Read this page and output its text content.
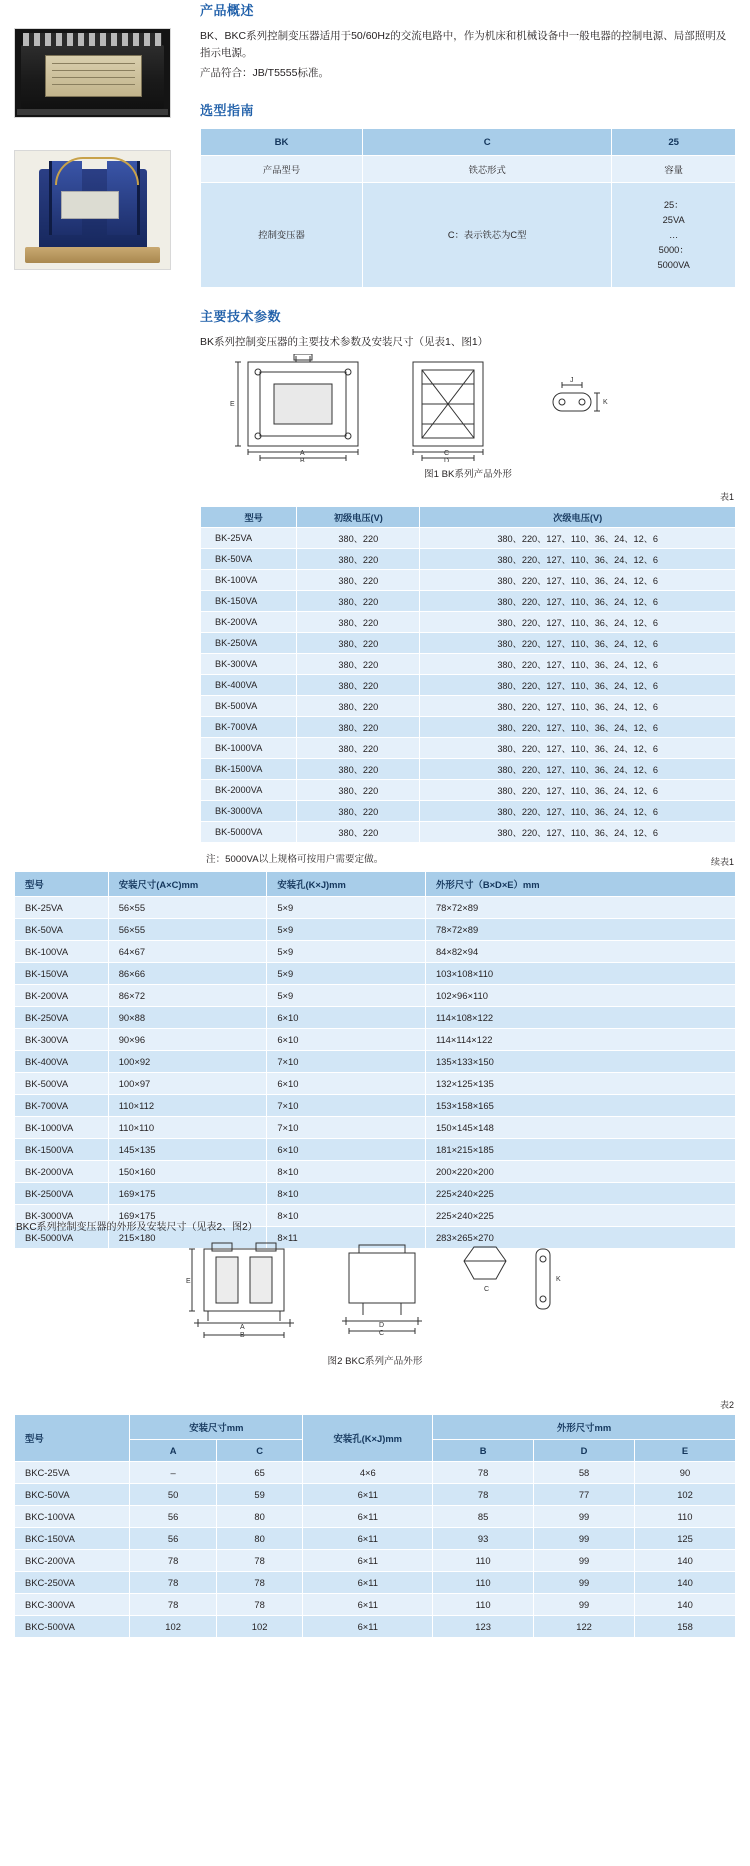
产品概述

BK、BKC系列控制变压器适用于50/60Hz的交流电路中，作为机床和机械设备中一般电器的控制电源、局部照明及指示电源。

产品符合：JB/T5555标准。

选型指南
BK	C	25
产品型号	铁芯形式	容量
控制变压器	C：表示铁芯为C型	25：
25VA
…
5000：
5000VA
主要技术参数

BK系列控制变压器的主要技术参数及安装尺寸（见表1、图1）

B
A
E
D
C
J
K
图1 BK系列产品外形
表1
型号	初级电压(V)	次级电压(V)
BK-25VA	380、220	380、220、127、110、36、24、12、6
BK-50VA	380、220	380、220、127、110、36、24、12、6
BK-100VA	380、220	380、220、127、110、36、24、12、6
BK-150VA	380、220	380、220、127、110、36、24、12、6
BK-200VA	380、220	380、220、127、110、36、24、12、6
BK-250VA	380、220	380、220、127、110、36、24、12、6
BK-300VA	380、220	380、220、127、110、36、24、12、6
BK-400VA	380、220	380、220、127、110、36、24、12、6
BK-500VA	380、220	380、220、127、110、36、24、12、6
BK-700VA	380、220	380、220、127、110、36、24、12、6
BK-1000VA	380、220	380、220、127、110、36、24、12、6
BK-1500VA	380、220	380、220、127、110、36、24、12、6
BK-2000VA	380、220	380、220、127、110、36、24、12、6
BK-3000VA	380、220	380、220、127、110、36、24、12、6
BK-5000VA	380、220	380、220、127、110、36、24、12、6
注：5000VA以上规格可按用户需要定做。	续表1
型号	安装尺寸(A×C)mm	安装孔(K×J)mm	外形尺寸（B×D×E）mm
BK-25VA	56×55	5×9	78×72×89
BK-50VA	56×55	5×9	78×72×89
BK-100VA	64×67	5×9	84×82×94
BK-150VA	86×66	5×9	103×108×110
BK-200VA	86×72	5×9	102×96×110
BK-250VA	90×88	6×10	114×108×122
BK-300VA	90×96	6×10	114×114×122
BK-400VA	100×92	7×10	135×133×150
BK-500VA	100×97	6×10	132×125×135
BK-700VA	110×112	7×10	153×158×165
BK-1000VA	110×110	7×10	150×145×148
BK-1500VA	145×135	6×10	181×215×185
BK-2000VA	150×160	8×10	200×220×200
BK-2500VA	169×175	8×10	225×240×225
BK-3000VA	169×175	8×10	225×240×225
BK-5000VA	215×180	8×11	283×265×270
BKC系列控制变压器的外形及安装尺寸（见表2、图2）
B
A
E
C
D
C
K
图2 BKC系列产品外形
表2
型号	安装尺寸mm		安装孔(K×J)mm	外形尺寸mm		
	A	C		B	D	E
BKC-25VA	–	65	4×6	78	58	90
BKC-50VA	50	59	6×11	78	77	102
BKC-100VA	56	80	6×11	85	99	110
BKC-150VA	56	80	6×11	93	99	125
BKC-200VA	78	78	6×11	110	99	140
BKC-250VA	78	78	6×11	110	99	140
BKC-300VA	78	78	6×11	110	99	140
BKC-500VA	102	102	6×11	123	122	158
